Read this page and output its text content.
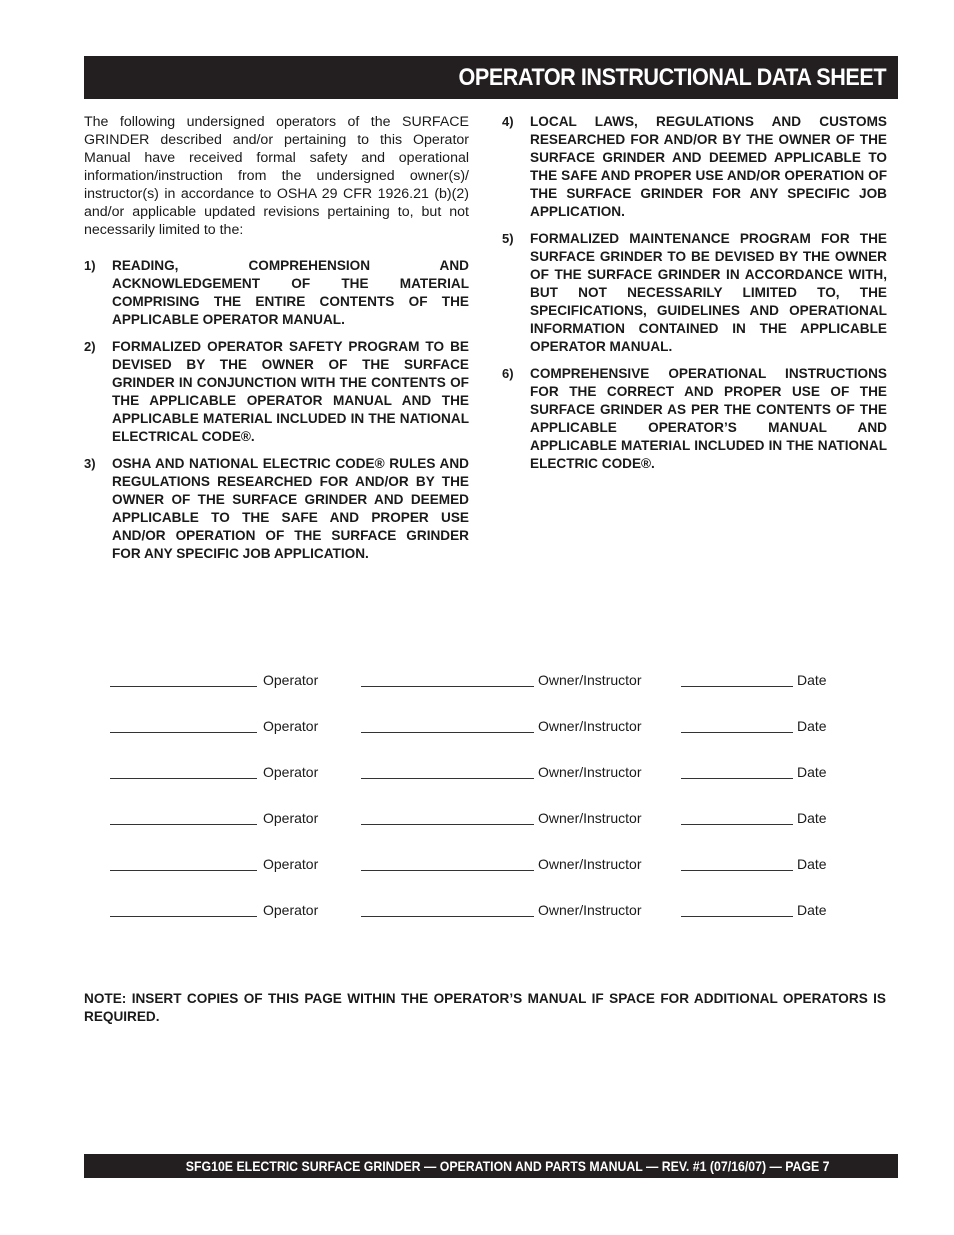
OPERATOR INSTRUCTIONAL DATA SHEET

The following undersigned operators of the SURFACE GRINDER described and/or pertaining to this Operator Manual have received formal safety and operational information/instruction from the undersigned owner(s)/ instructor(s) in accordance to OSHA 29 CFR 1926.21 (b)(2) and/or applicable updated revisions pertaining to, but not necessarily limited to the:

1)	READING, COMPREHENSION AND ACKNOWLEDGEMENT OF THE MATERIAL COMPRISING THE ENTIRE CONTENTS OF THE APPLICABLE OPERATOR MANUAL.
2)	FORMALIZED OPERATOR SAFETY PROGRAM TO BE DEVISED BY THE OWNER OF THE SURFACE GRINDER IN CONJUNCTION WITH THE CONTENTS OF THE APPLICABLE OPERATOR MANUAL AND THE APPLICABLE MATERIAL INCLUDED IN THE NATIONAL ELECTRICAL CODE®.
3)	OSHA AND NATIONAL ELECTRIC CODE® RULES AND REGULATIONS RESEARCHED FOR AND/OR BY THE OWNER OF THE SURFACE GRINDER AND DEEMED APPLICABLE TO THE SAFE AND PROPER USE AND/OR OPERATION OF THE SURFACE GRINDER FOR ANY SPECIFIC JOB APPLICATION.
4)	LOCAL LAWS, REGULATIONS AND CUSTOMS RESEARCHED FOR AND/OR BY THE OWNER OF THE SURFACE GRINDER AND DEEMED APPLICABLE TO THE SAFE AND PROPER USE AND/OR OPERATION OF THE SURFACE GRINDER FOR ANY SPECIFIC JOB APPLICATION.
5)	FORMALIZED MAINTENANCE PROGRAM FOR THE SURFACE GRINDER TO BE DEVISED BY THE OWNER OF THE SURFACE GRINDER IN ACCORDANCE WITH, BUT NOT NECESSARILY LIMITED TO, THE SPECIFICATIONS, GUIDELINES AND OPERATIONAL INFORMATION CONTAINED IN THE APPLICABLE OPERATOR MANUAL.
6)	COMPREHENSIVE OPERATIONAL INSTRUCTIONS FOR THE CORRECT AND PROPER USE OF THE SURFACE GRINDER AS PER THE CONTENTS OF THE APPLICABLE OPERATOR’S MANUAL AND APPLICABLE MATERIAL INCLUDED IN THE NATIONAL ELECTRIC CODE®.
Operator	Owner/Instructor	Date
Operator	Owner/Instructor	Date
Operator	Owner/Instructor	Date
Operator	Owner/Instructor	Date
Operator	Owner/Instructor	Date
Operator	Owner/Instructor	Date

NOTE: INSERT COPIES OF THIS PAGE WITHIN THE OPERATOR’S MANUAL IF SPACE FOR ADDITIONAL OPERATORS IS REQUIRED.

SFG10E ELECTRIC SURFACE GRINDER — OPERATION AND PARTS MANUAL — REV. #1 (07/16/07) — PAGE 7
